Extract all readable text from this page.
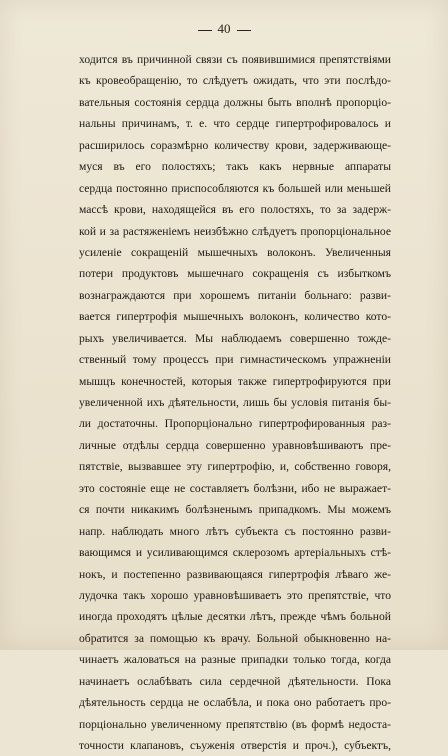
40
ходится въ причинной связи съ появившимися препятствіями
къ кровеобращенію, то слѣдуетъ ожидать, что эти послѣдо-
вательныя состоянія сердца должны быть вполнѣ пропорціо-
нальны причинамъ, т. е. что сердце гипертрофировалось и
расширилось соразмѣрно количеству крови, задерживающе-
муся въ его полостяхъ; такъ какъ нервные аппараты
сердца постоянно приспособляются къ большей или меньшей
массѣ крови, находящейся въ его полостяхъ, то за задерж-
кой и за растяженіемъ неизбѣжно слѣдуетъ пропорціональное
усиленіе сокращеній мышечныхъ волоконъ. Увеличенныя
потери продуктовъ мышечнаго сокращенія съ избыткомъ
вознаграждаются при хорошемъ питаніи больнаго: разви-
вается гипертрофія мышечныхъ волоконъ, количество кото-
рыхъ увеличивается. Мы наблюдаемъ совершенно тожде-
ственный тому процессъ при гимнастическомъ упражненіи
мышцъ конечностей, которыя также гипертрофируются при
увеличенной ихъ дѣятельности, лишь бы условія питанія бы-
ли достаточны. Пропорціонально гипертрофированныя раз-
личные отдѣлы сердца совершенно уравновѣшиваютъ пре-
пятствіе, вызвавшее эту гипертрофію, и, собственно говоря,
это состояніе еще не составляетъ болѣзни, ибо не выражает-
ся почти никакимъ болѣзненымъ припадкомъ. Мы можемъ
напр. наблюдать много лѣтъ субъекта съ постоянно разви-
вающимся и усиливающимся склерозомъ артеріальныхъ стѣ-
нокъ, и постепенно развивающаяся гипертрофія лѣваго же-
лудочка такъ хорошо уравновѣшиваетъ это препятствіе, что
иногда проходятъ цѣлые десятки лѣтъ, прежде чѣмъ больной
обратится за помощью къ врачу. Больной обыкновенно на-
чинаетъ жаловаться на разные припадки только тогда, когда
начинаетъ ослабѣвать сила сердечной дѣятельности. Пока
дѣятельность сердца не ослабѣла, и пока оно работаетъ про-
порціонально увеличенному препятствію (въ формѣ недоста-
точности клапановъ, съуженія отверстія и проч.), субъектъ,
